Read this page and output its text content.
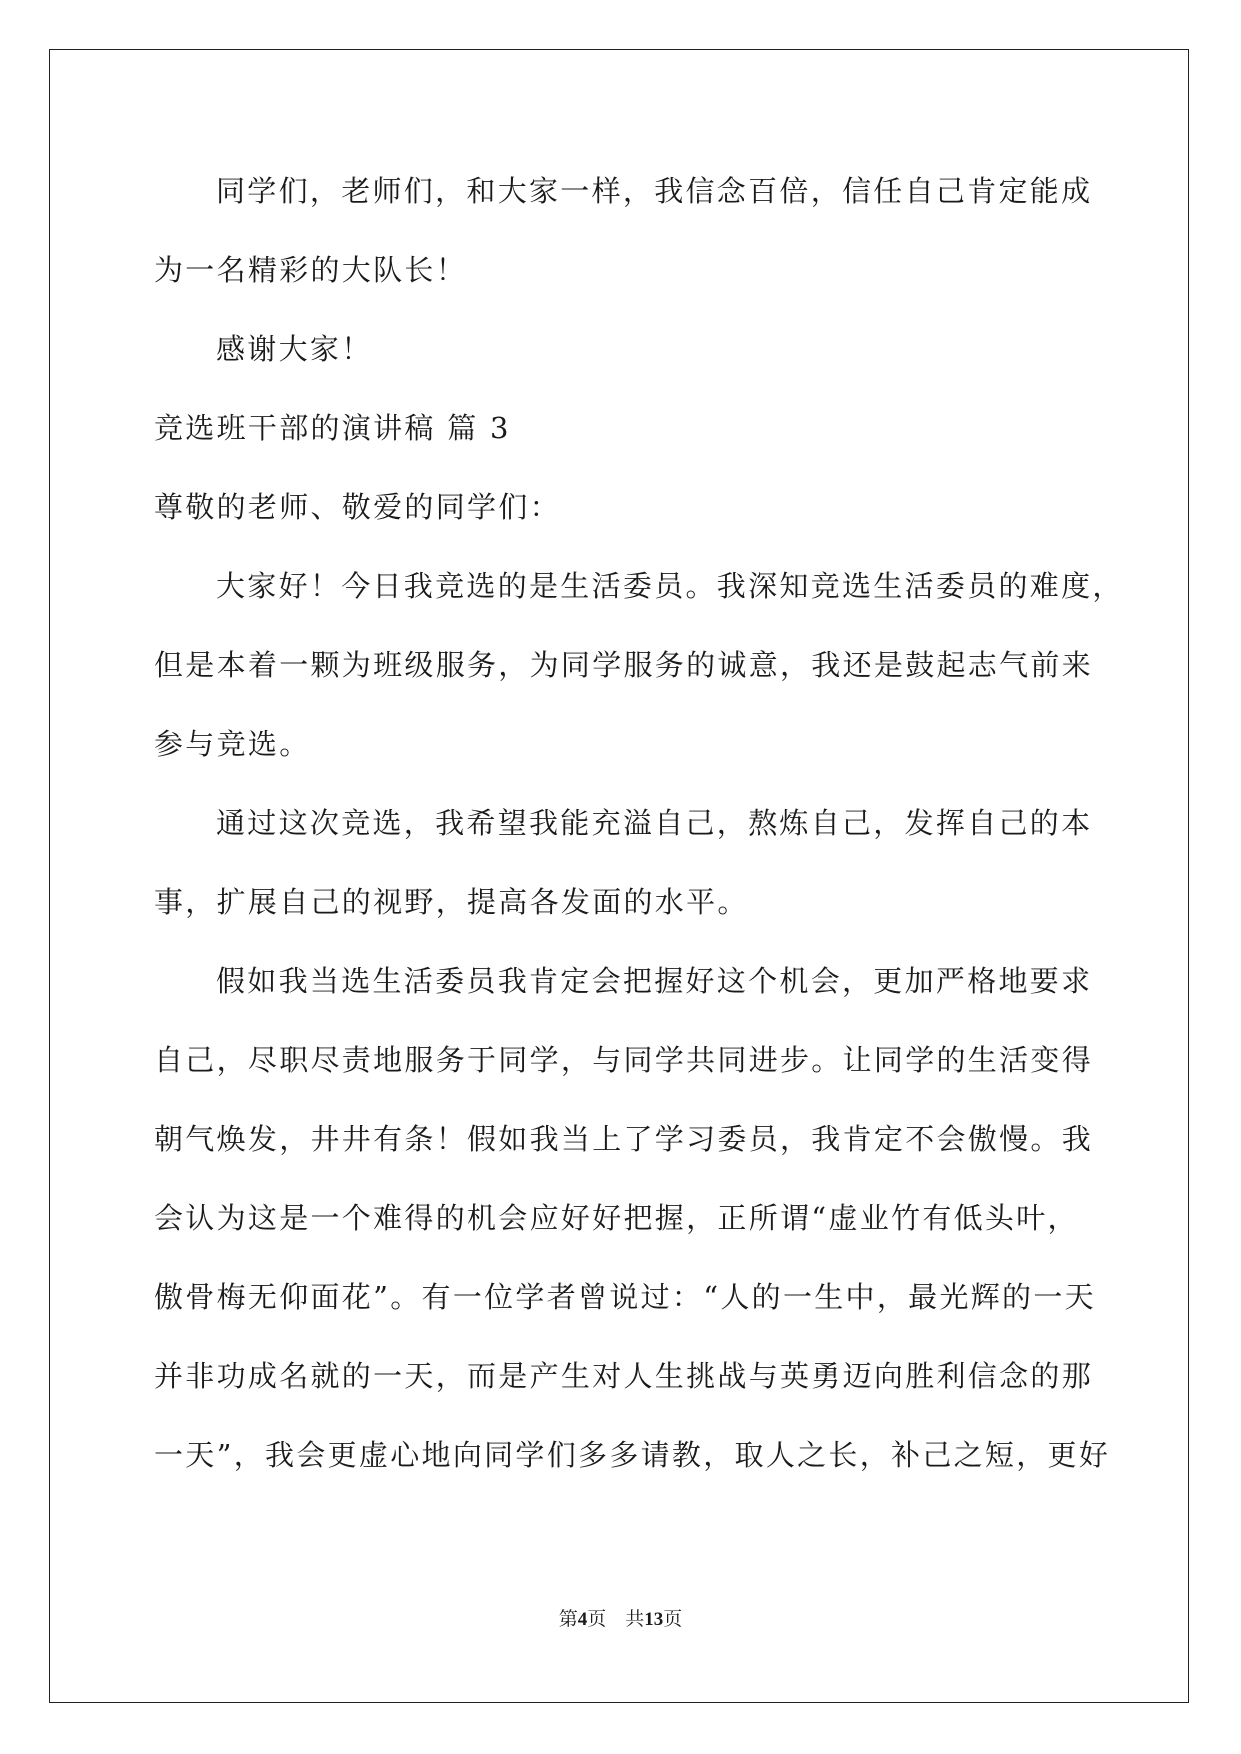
同学们，老师们，和大家一样，我信念百倍，信任自己肯定能成
为一名精彩的大队长！
感谢大家！
竞选班干部的演讲稿 篇 3
尊敬的老师、敬爱的同学们：
大家好！今日我竞选的是生活委员。我深知竞选生活委员的难度，
但是本着一颗为班级服务，为同学服务的诚意，我还是鼓起志气前来
参与竞选。
通过这次竞选，我希望我能充溢自己，熬炼自己，发挥自己的本
事，扩展自己的视野，提高各发面的水平。
假如我当选生活委员我肯定会把握好这个机会，更加严格地要求
自己，尽职尽责地服务于同学，与同学共同进步。让同学的生活变得
朝气焕发，井井有条！假如我当上了学习委员，我肯定不会傲慢。我
会认为这是一个难得的机会应好好把握，正所谓“虚业竹有低头叶，
傲骨梅无仰面花”。有一位学者曾说过：“人的一生中，最光辉的一天
并非功成名就的一天，而是产生对人生挑战与英勇迈向胜利信念的那
一天”，我会更虚心地向同学们多多请教，取人之长，补己之短，更好
第4页　共13页
